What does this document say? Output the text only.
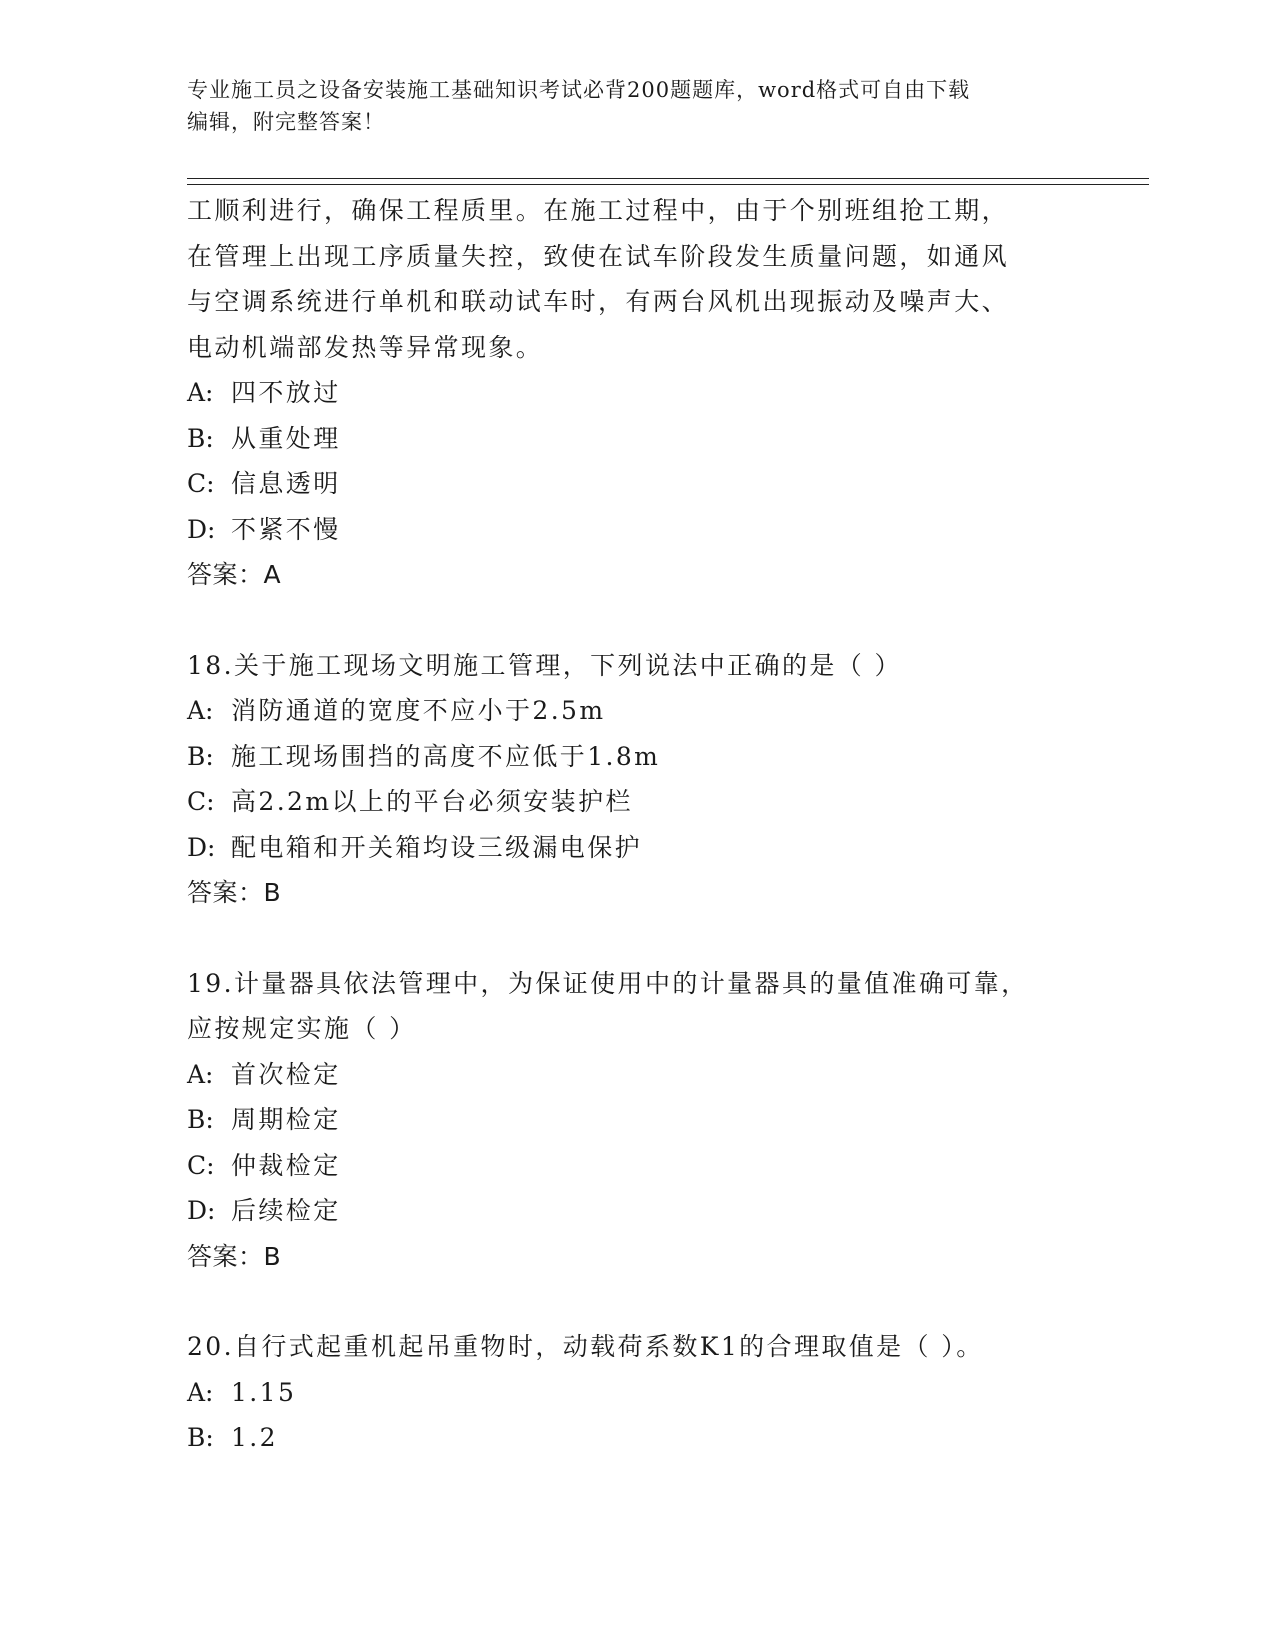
专业施工员之设备安装施工基础知识考试必背200题题库，word格式可自由下载
编辑，附完整答案！
工顺利进行，确保工程质里。在施工过程中，由于个别班组抢工期，
在管理上出现工序质量失控，致使在试车阶段发生质量问题，如通风
与空调系统进行单机和联动试车时，有两台风机出现振动及噪声大、
电动机端部发热等异常现象。
A: 四不放过
B: 从重处理
C: 信息透明
D: 不紧不慢
答案：A
18.关于施工现场文明施工管理，下列说法中正确的是（ ）
A: 消防通道的宽度不应小于2.5m
B: 施工现场围挡的高度不应低于1.8m
C: 高2.2m以上的平台必须安装护栏
D: 配电箱和开关箱均设三级漏电保护
答案：B
19.计量器具依法管理中，为保证使用中的计量器具的量值准确可靠，
应按规定实施（ ）
A: 首次检定
B: 周期检定
C: 仲裁检定
D: 后续检定
答案：B
20.自行式起重机起吊重物时，动载荷系数K1的合理取值是（ ）。
A: 1.15
B: 1.2
